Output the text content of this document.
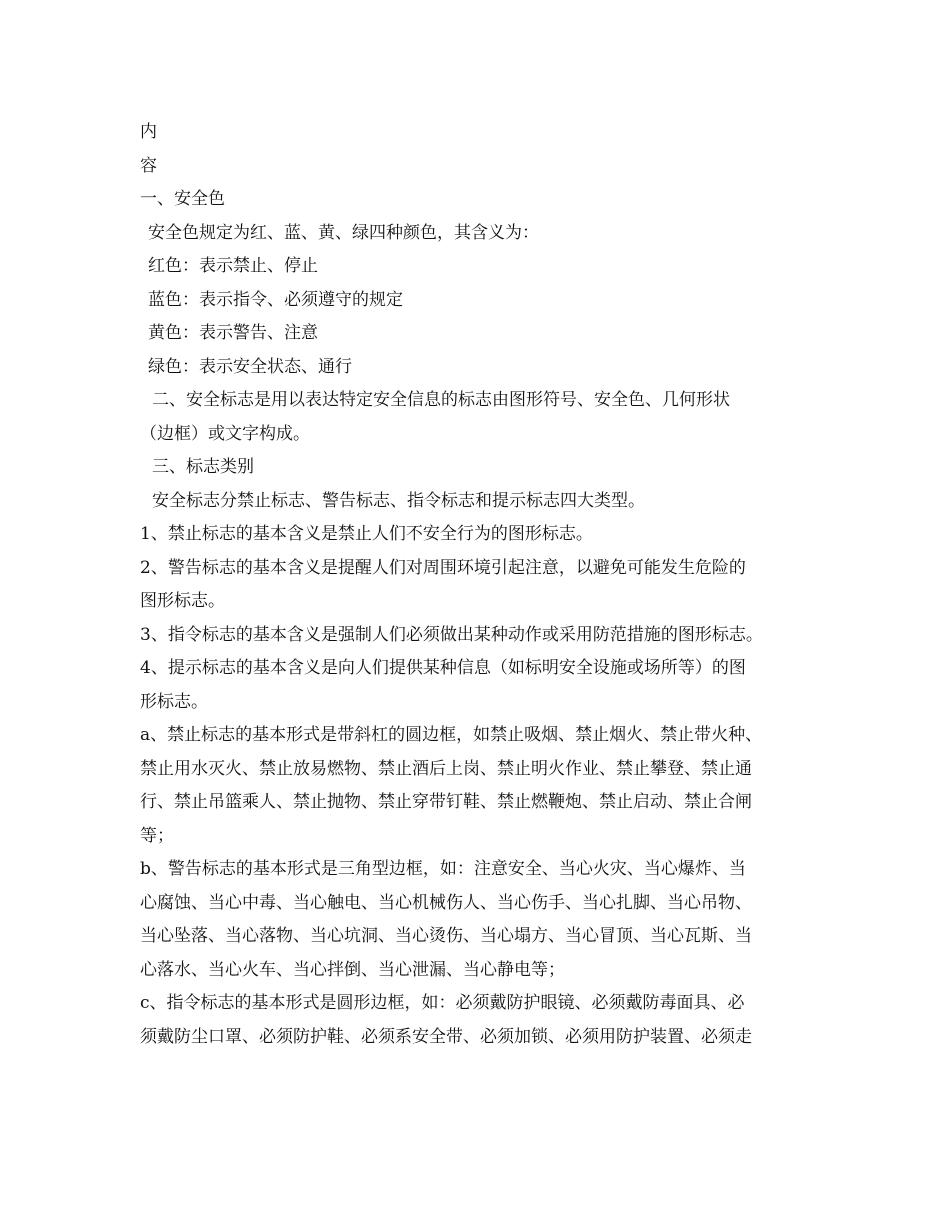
内
容
一、安全色
安全色规定为红、蓝、黄、绿四种颜色，其含义为：
红色：表示禁止、停止
蓝色：表示指令、必须遵守的规定
黄色：表示警告、注意
绿色：表示安全状态、通行
二、安全标志是用以表达特定安全信息的标志由图形符号、安全色、几何形状
（边框）或文字构成。
三、标志类别
安全标志分禁止标志、警告标志、指令标志和提示标志四大类型。
1、禁止标志的基本含义是禁止人们不安全行为的图形标志。
2、警告标志的基本含义是提醒人们对周围环境引起注意，以避免可能发生危险的
图形标志。
3、指令标志的基本含义是强制人们必须做出某种动作或采用防范措施的图形标志。
4、提示标志的基本含义是向人们提供某种信息（如标明安全设施或场所等）的图
形标志。
a、禁止标志的基本形式是带斜杠的圆边框，如禁止吸烟、禁止烟火、禁止带火种、
禁止用水灭火、禁止放易燃物、禁止酒后上岗、禁止明火作业、禁止攀登、禁止通
行、禁止吊篮乘人、禁止抛物、禁止穿带钉鞋、禁止燃鞭炮、禁止启动、禁止合闸
等；
b、警告标志的基本形式是三角型边框，如：注意安全、当心火灾、当心爆炸、当
心腐蚀、当心中毒、当心触电、当心机械伤人、当心伤手、当心扎脚、当心吊物、
当心坠落、当心落物、当心坑洞、当心烫伤、当心塌方、当心冒顶、当心瓦斯、当
心落水、当心火车、当心拌倒、当心泄漏、当心静电等；
c、指令标志的基本形式是圆形边框，如：必须戴防护眼镜、必须戴防毒面具、必
须戴防尘口罩、必须防护鞋、必须系安全带、必须加锁、必须用防护装置、必须走
